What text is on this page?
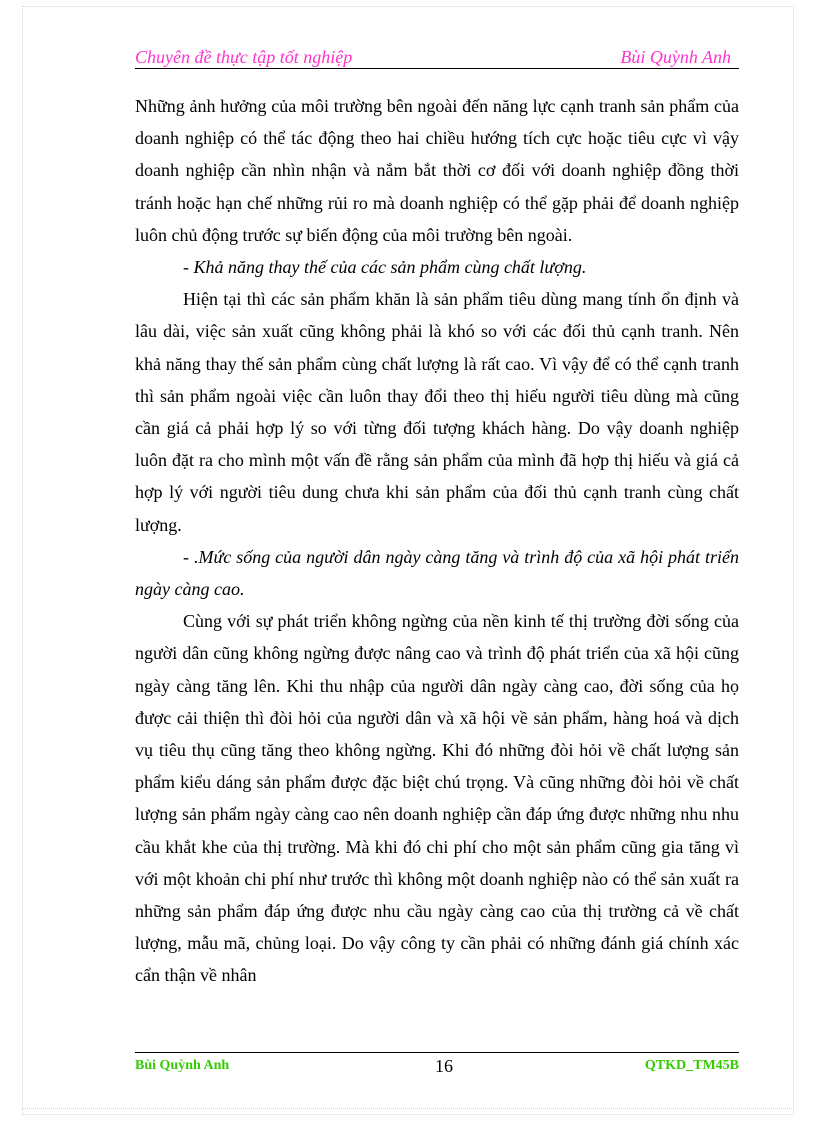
Chuyên đề thực tập tốt nghiệp	Bùi Quỳnh Anh

Những ảnh hưởng của môi trường bên ngoài đến năng lực cạnh tranh sản phẩm của doanh nghiệp có thể tác động theo hai chiều hướng tích cực hoặc tiêu cực vì vậy doanh nghiệp cần nhìn nhận và nắm bắt thời cơ đối với doanh nghiệp đồng thời tránh hoặc hạn chế những rủi ro mà doanh nghiệp có thể gặp phải để doanh nghiệp luôn chủ động trước sự biến động của môi trường bên ngoài.

- Khả năng thay thế của các sản phẩm cùng chất lượng.

Hiện tại thì các sản phẩm khăn là sản phẩm tiêu dùng mang tính ổn định và lâu dài, việc sản xuất cũng không phải là khó so với các đối thủ cạnh tranh. Nên khả năng thay thế sản phẩm cùng chất lượng là rất cao. Vì vậy để có thể cạnh tranh thì sản phẩm ngoài việc cần luôn thay đổi theo thị hiếu người tiêu dùng mà cũng cần giá cả phải hợp lý so với từng đối tượng khách hàng. Do vậy doanh nghiệp luôn đặt ra cho mình một vấn đề rằng sản phẩm của mình đã hợp thị hiếu và giá cả hợp lý với người tiêu dung chưa khi sản phẩm của đối thủ cạnh tranh cùng chất lượng.

- .Mức sống của người dân ngày càng tăng và trình độ của xã hội phát triển ngày càng cao.

Cùng với sự phát triển không ngừng của nền kinh tế thị trường đời sống của người dân cũng không ngừng được nâng cao và trình độ phát triển của xã hội cũng ngày càng tăng lên. Khi thu nhập của người dân ngày càng cao, đời sống của họ được cải thiện thì đòi hỏi của người dân và xã hội về sản phẩm, hàng hoá và dịch vụ tiêu thụ cũng tăng theo không ngừng. Khi đó những đòi hỏi về chất lượng sản phẩm kiểu dáng sản phẩm được đặc biệt chú trọng. Và cũng những đòi hỏi về chất lượng sản phẩm ngày càng cao nên doanh nghiệp cần đáp ứng được những nhu nhu cầu khắt khe của thị trường. Mà khi đó chi phí cho một sản phẩm cũng gia tăng vì với một khoản chi phí như trước thì không một doanh nghiệp nào có thể sản xuất ra những sản phẩm đáp ứng được nhu cầu ngày càng cao của thị trường cả về chất lượng, mẫu mã, chủng loại. Do vậy công ty cần phải có những đánh giá chính xác cẩn thận về nhân

Bùi Quỳnh Anh	16	QTKD_TM45B
